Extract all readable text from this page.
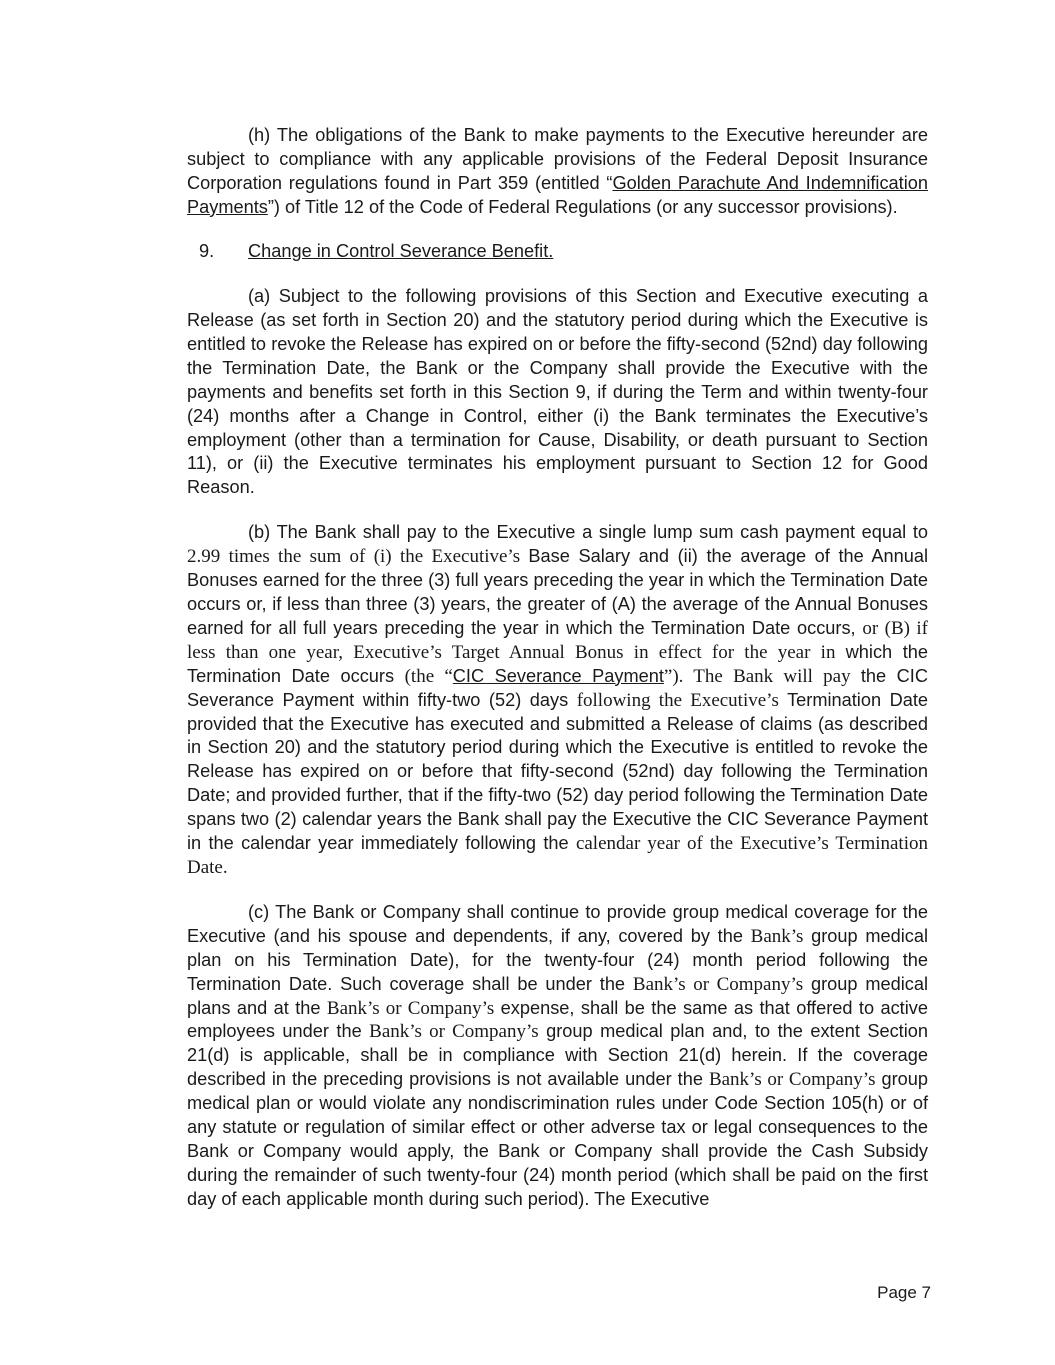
(h) The obligations of the Bank to make payments to the Executive hereunder are subject to compliance with any applicable provisions of the Federal Deposit Insurance Corporation regulations found in Part 359 (entitled “Golden Parachute And Indemnification Payments”) of Title 12 of the Code of Federal Regulations (or any successor provisions).

9. Change in Control Severance Benefit.

(a) Subject to the following provisions of this Section and Executive executing a Release (as set forth in Section 20) and the statutory period during which the Executive is entitled to revoke the Release has expired on or before the fifty-second (52nd) day following the Termination Date, the Bank or the Company shall provide the Executive with the payments and benefits set forth in this Section 9, if during the Term and within twenty-four (24) months after a Change in Control, either (i) the Bank terminates the Executive’s employment (other than a termination for Cause, Disability, or death pursuant to Section 11), or (ii) the Executive terminates his employment pursuant to Section 12 for Good Reason.

(b) The Bank shall pay to the Executive a single lump sum cash payment equal to 2.99 times the sum of (i) the Executive’s Base Salary and (ii) the average of the Annual Bonuses earned for the three (3) full years preceding the year in which the Termination Date occurs or, if less than three (3) years, the greater of (A) the average of the Annual Bonuses earned for all full years preceding the year in which the Termination Date occurs, or (B) if less than one year, Executive’s Target Annual Bonus in effect for the year in which the Termination Date occurs (the “CIC Severance Payment”). The Bank will pay the CIC Severance Payment within fifty-two (52) days following the Executive’s Termination Date provided that the Executive has executed and submitted a Release of claims (as described in Section 20) and the statutory period during which the Executive is entitled to revoke the Release has expired on or before that fifty-second (52nd) day following the Termination Date; and provided further, that if the fifty-two (52) day period following the Termination Date spans two (2) calendar years the Bank shall pay the Executive the CIC Severance Payment in the calendar year immediately following the calendar year of the Executive’s Termination Date.

(c) The Bank or Company shall continue to provide group medical coverage for the Executive (and his spouse and dependents, if any, covered by the Bank’s group medical plan on his Termination Date), for the twenty-four (24) month period following the Termination Date. Such coverage shall be under the Bank’s or Company’s group medical plans and at the Bank’s or Company’s expense, shall be the same as that offered to active employees under the Bank’s or Company’s group medical plan and, to the extent Section 21(d) is applicable, shall be in compliance with Section 21(d) herein. If the coverage described in the preceding provisions is not available under the Bank’s or Company’s group medical plan or would violate any nondiscrimination rules under Code Section 105(h) or of any statute or regulation of similar effect or other adverse tax or legal consequences to the Bank or Company would apply, the Bank or Company shall provide the Cash Subsidy during the remainder of such twenty-four (24) month period (which shall be paid on the first day of each applicable month during such period). The Executive

Page 7
